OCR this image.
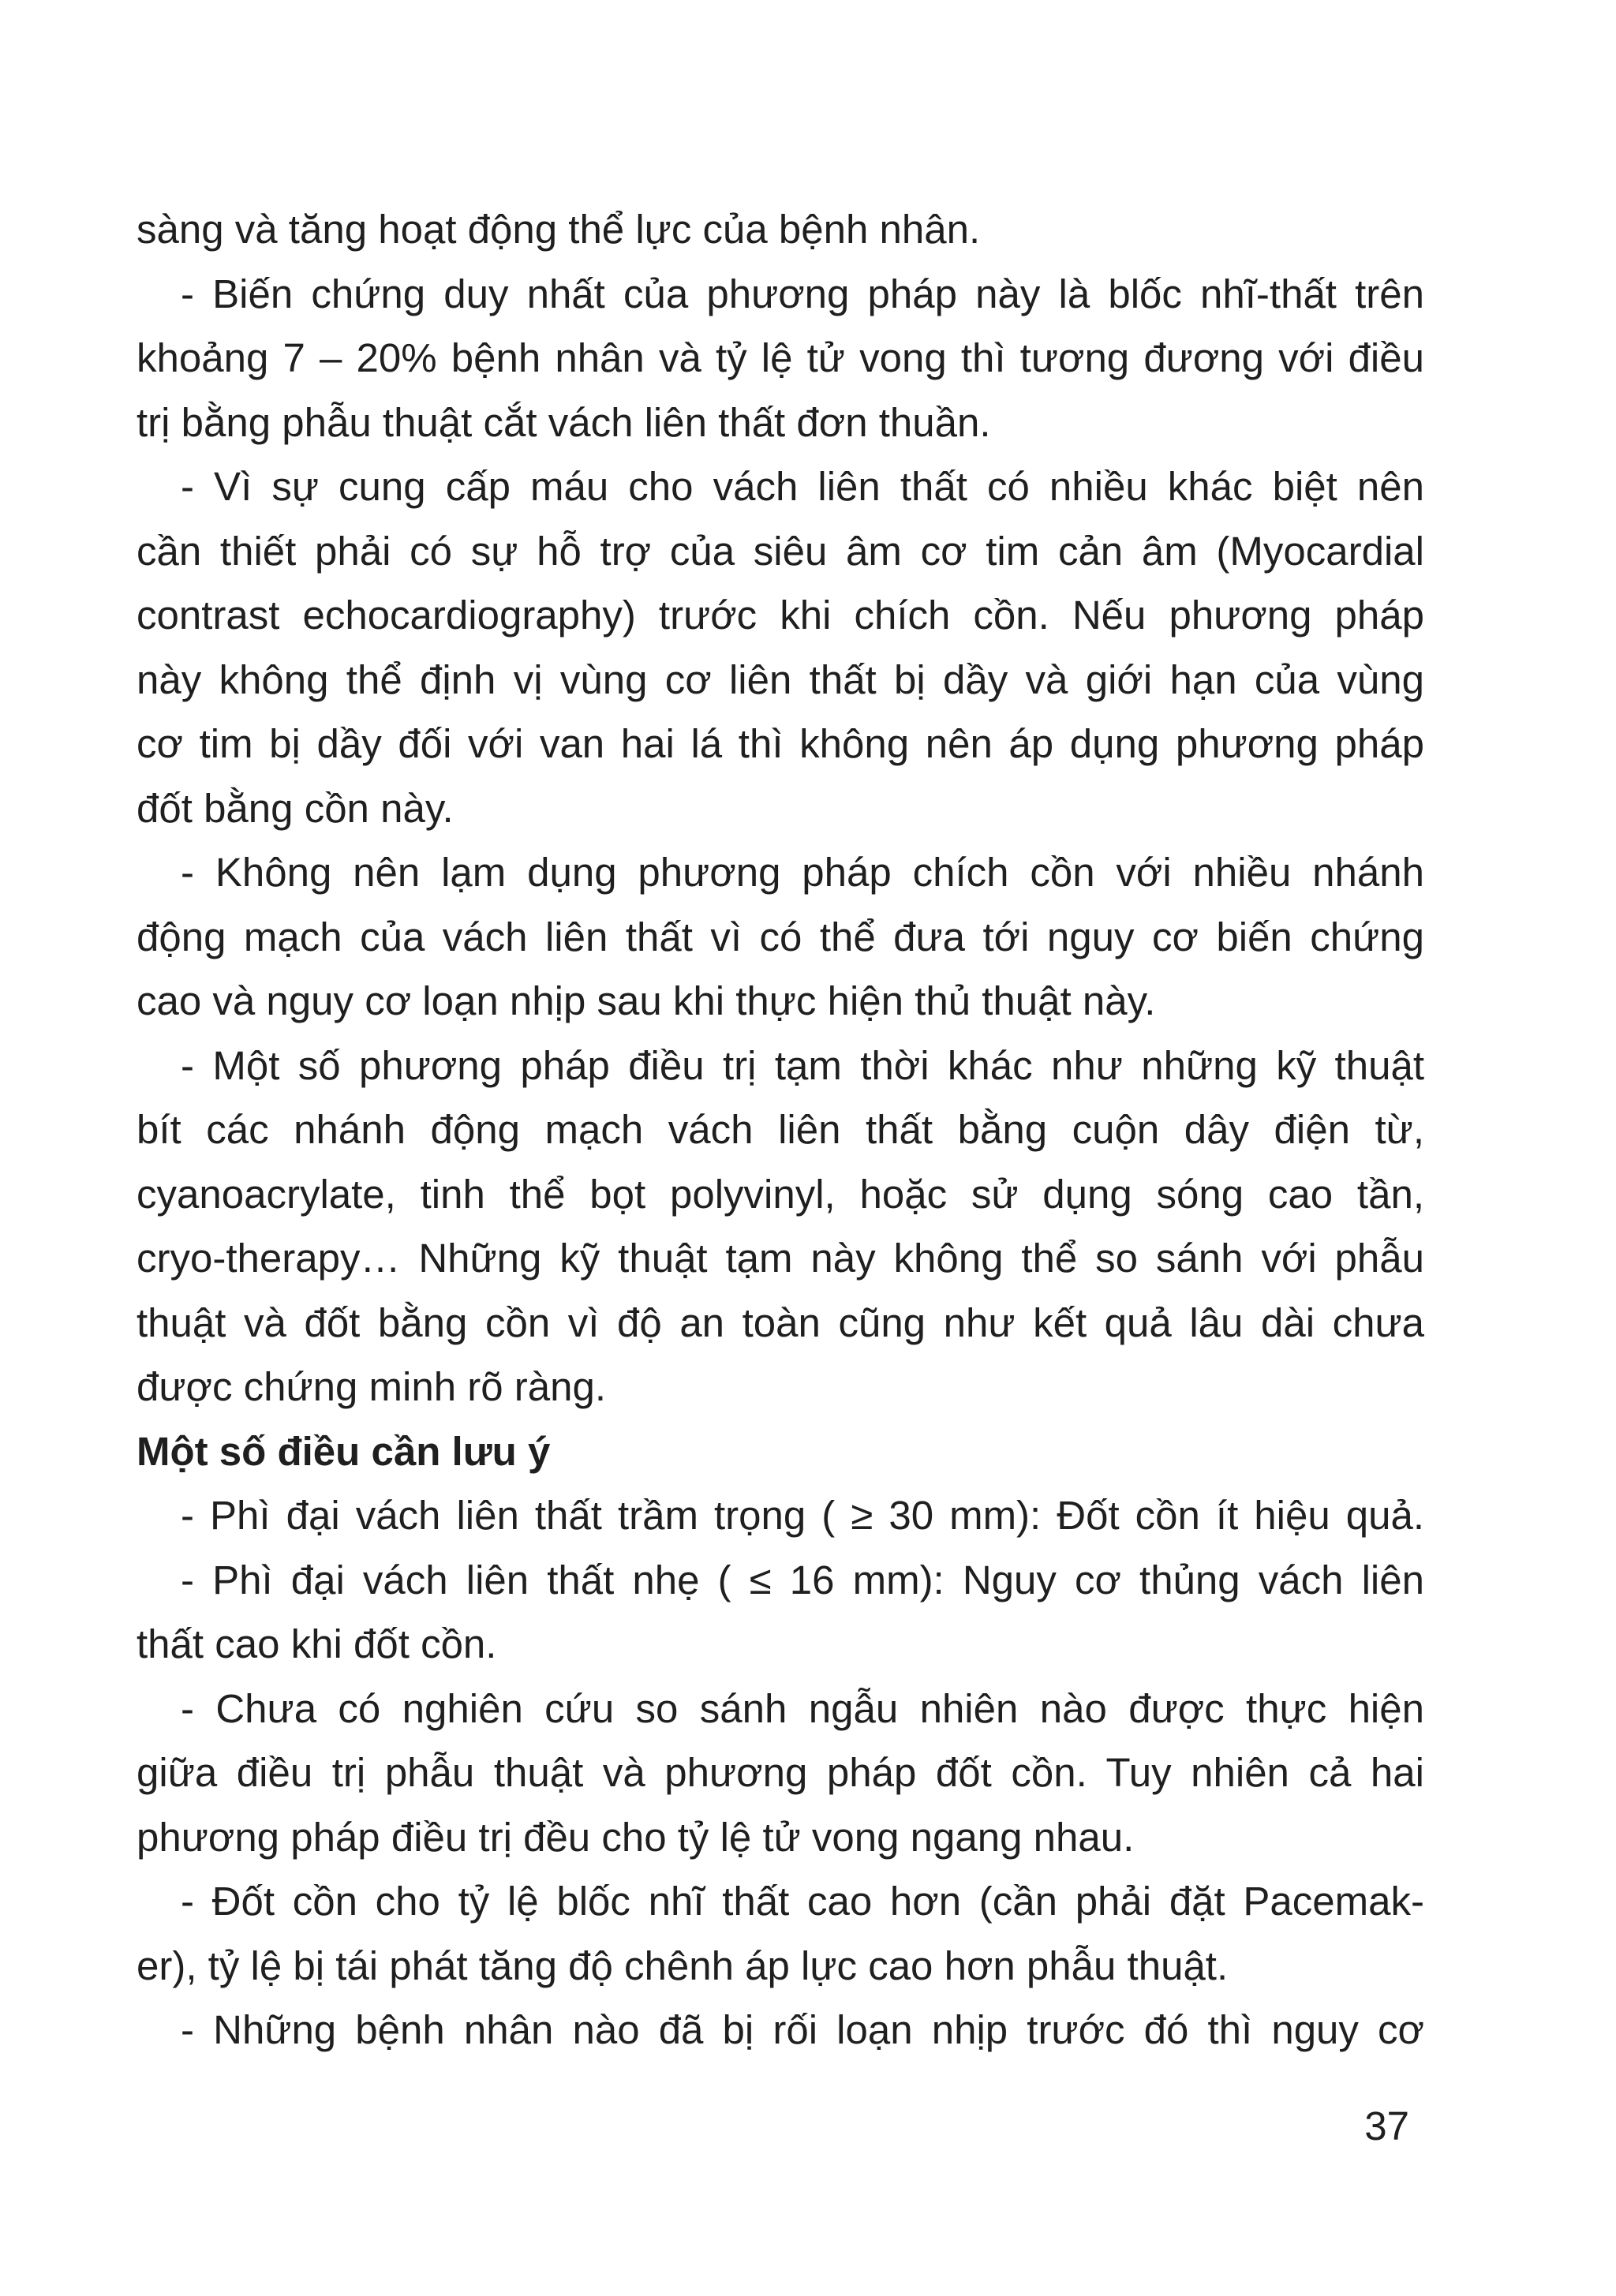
sàng và tăng hoạt động thể lực của bệnh nhân.
- Biến chứng duy nhất của phương pháp này là blốc nhĩ-thất trên
khoảng 7 – 20% bệnh nhân và tỷ lệ tử vong thì tương đương với điều
trị bằng phẫu thuật cắt vách liên thất đơn thuần.
- Vì sự cung cấp máu cho vách liên thất có nhiều khác biệt nên
cần thiết phải có sự hỗ trợ của siêu âm cơ tim cản âm (Myocardial
contrast echocardiography) trước khi chích cồn. Nếu phương pháp
này không thể định vị vùng cơ liên thất bị dầy và giới hạn của vùng
cơ tim bị dầy đối với van hai lá thì không nên áp dụng phương pháp
đốt bằng cồn này.
- Không nên lạm dụng phương pháp chích cồn với nhiều nhánh
động mạch của vách liên thất vì có thể đưa tới nguy cơ biến chứng
cao và nguy cơ loạn nhịp sau khi thực hiện thủ thuật này.
- Một số phương pháp điều trị tạm thời khác như những kỹ thuật
bít các nhánh động mạch vách liên thất bằng cuộn dây điện từ,
cyanoacrylate, tinh thể bọt polyvinyl, hoặc sử dụng sóng cao tần,
cryo-therapy… Những kỹ thuật tạm này không thể so sánh với phẫu
thuật và đốt bằng cồn vì độ an toàn cũng như kết quả lâu dài chưa
được chứng minh rõ ràng.
Một số điều cần lưu ý
- Phì đại vách liên thất trầm trọng ( ≥ 30 mm): Đốt cồn ít hiệu quả.
- Phì đại vách liên thất nhẹ ( ≤ 16 mm): Nguy cơ thủng vách liên
thất cao khi đốt cồn.
- Chưa có nghiên cứu so sánh ngẫu nhiên nào được thực hiện
giữa điều trị phẫu thuật và phương pháp đốt cồn. Tuy nhiên cả hai
phương pháp điều trị đều cho tỷ lệ tử vong ngang nhau.
- Đốt cồn cho tỷ lệ blốc nhĩ thất cao hơn (cần phải đặt Pacemak-
er), tỷ lệ bị tái phát tăng độ chênh áp lực cao hơn phẫu thuật.
- Những bệnh nhân nào đã bị rối loạn nhịp trước đó thì nguy cơ
37
